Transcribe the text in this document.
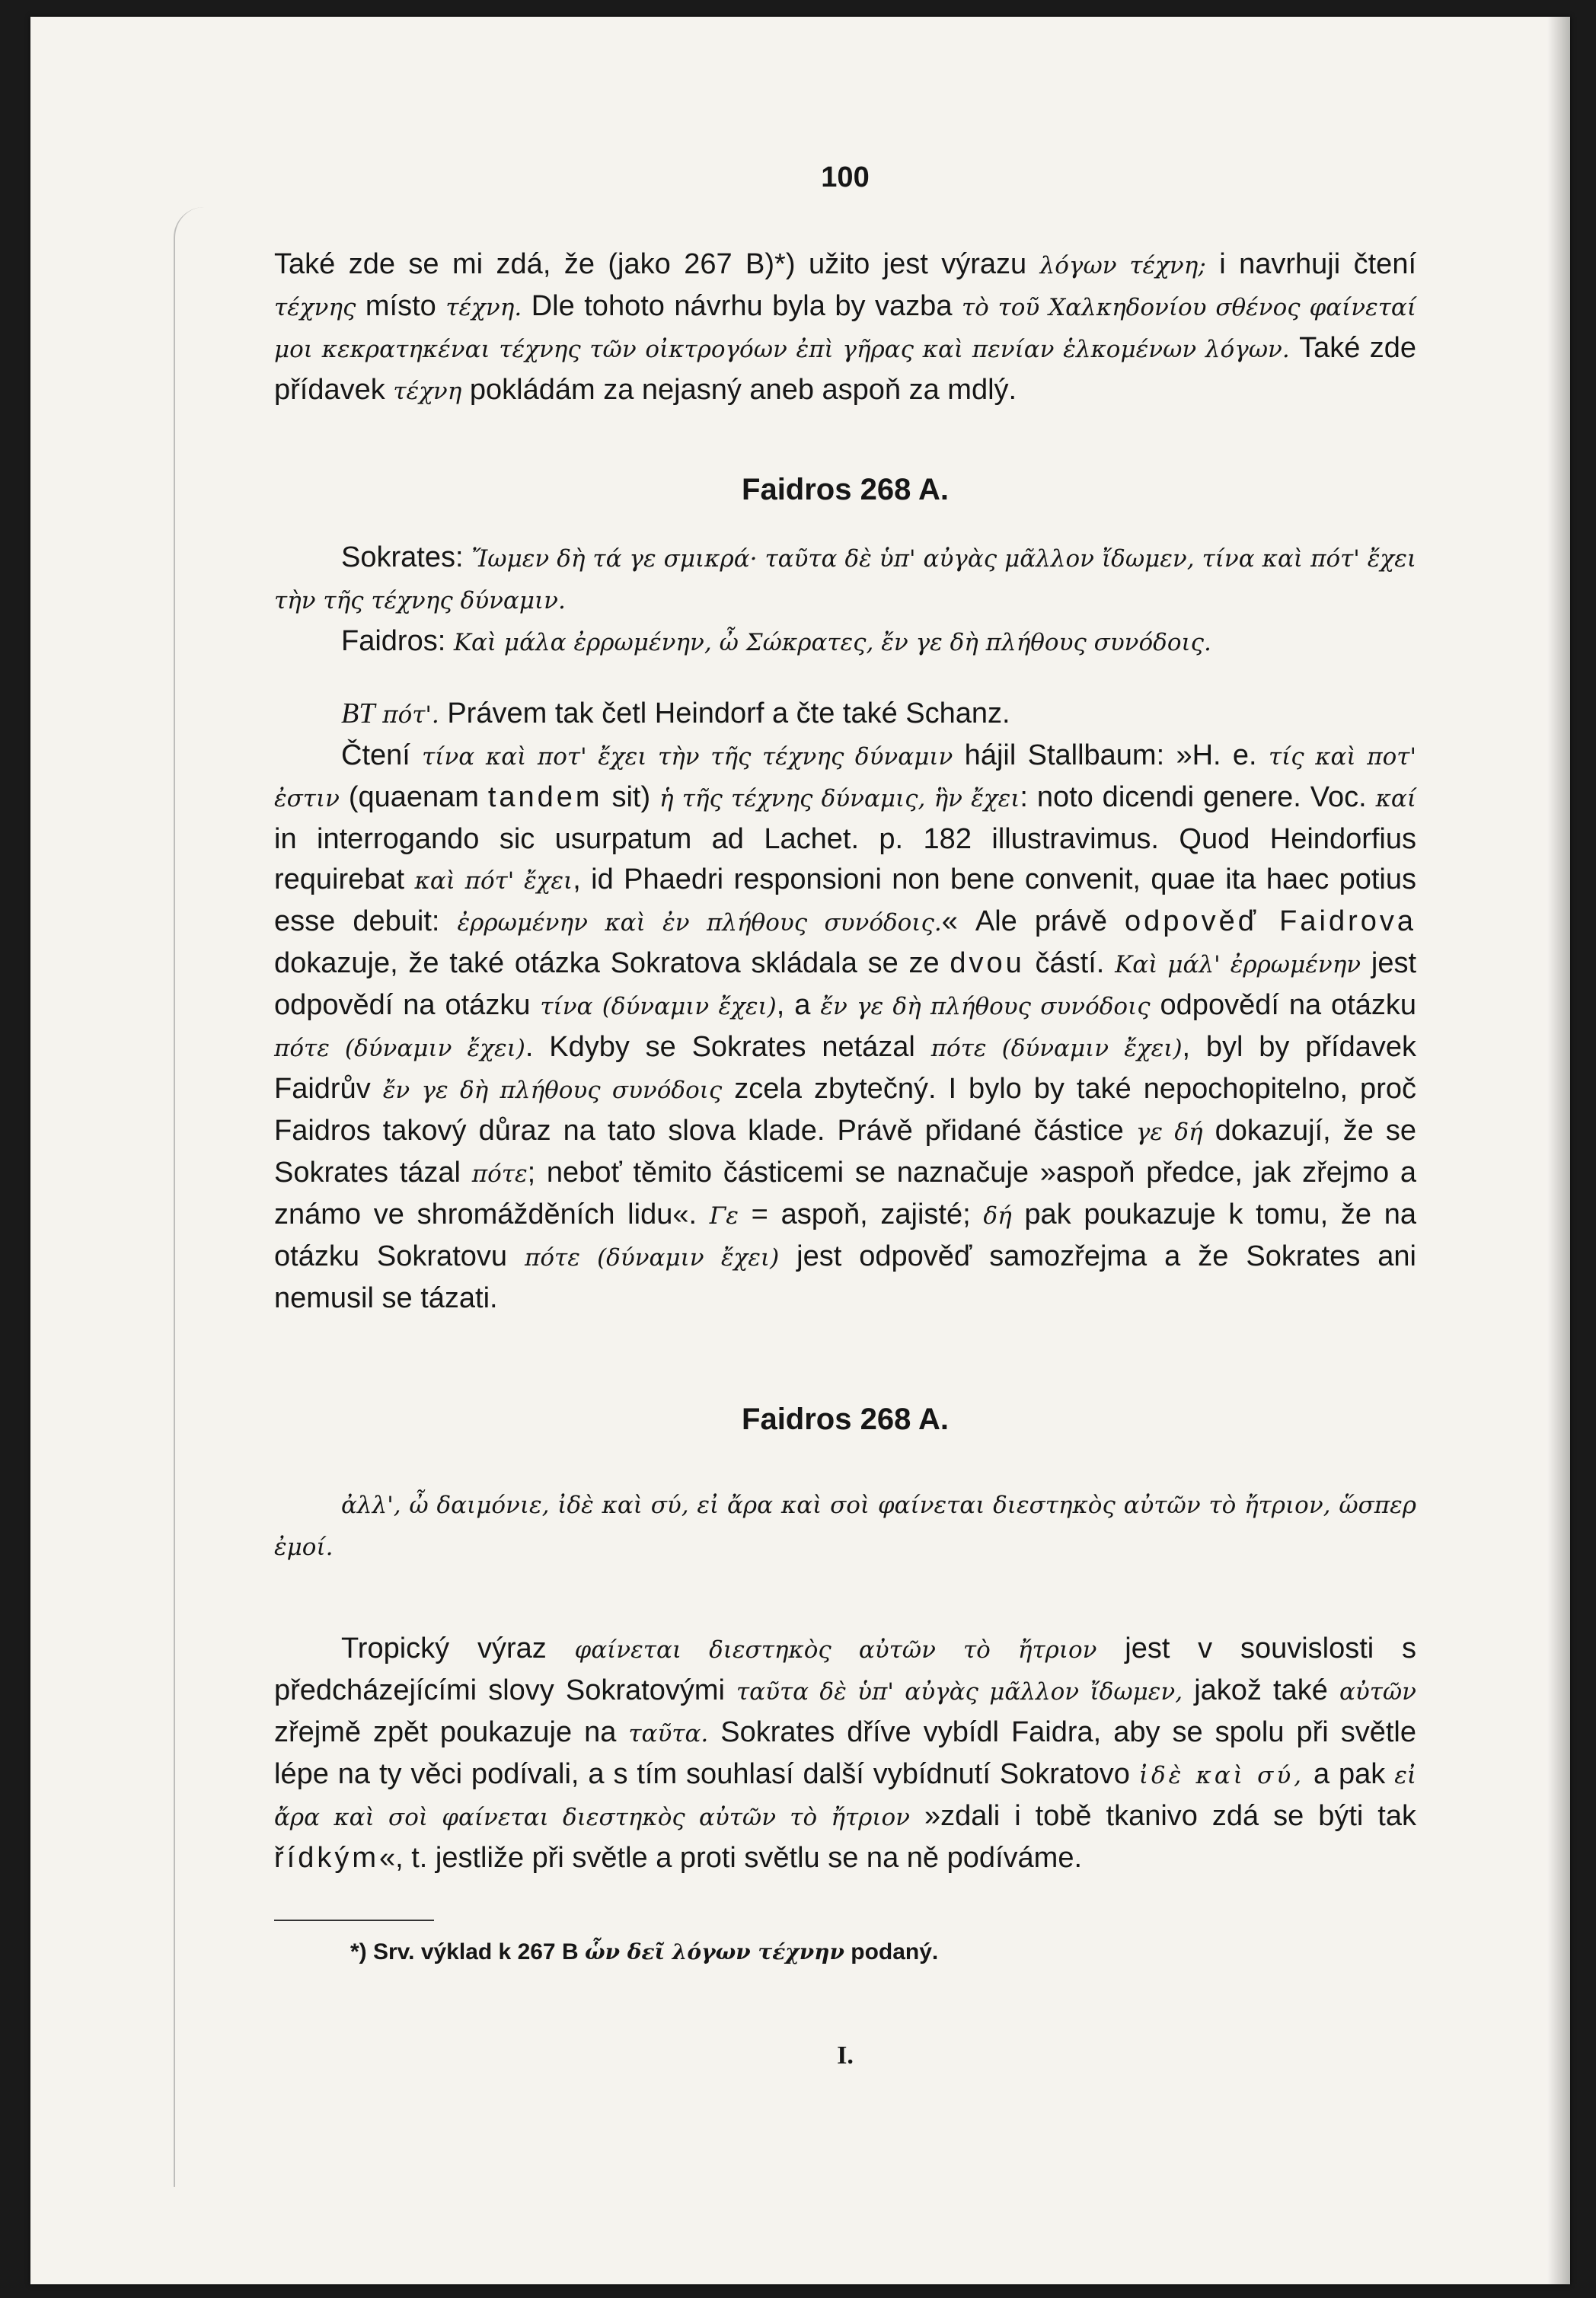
100

Také zde se mi zdá, že (jako 267 B)*) užito jest výrazu λόγων τέχνη; i navrhuji čtení τέχνης místo τέχνη. Dle tohoto návrhu byla by vazba τὸ τοῦ Χαλκηδονίου σθένος φαίνεταί μοι κεκρατηκέναι τέχνης τῶν οἰκτρογόων ἐπὶ γῆρας καὶ πενίαν ἑλκομένων λόγων. Také zde přídavek τέχνη pokládám za nejasný aneb aspoň za mdlý.

Faidros 268 A.

Sokrates: Ἴωμεν δὴ τά γε σμικρά· ταῦτα δὲ ὑπ' αὐγὰς μᾶλλον ἴδωμεν, τίνα καὶ πότ' ἔχει τὴν τῆς τέχνης δύναμιν.

Faidros: Καὶ μάλα ἐρρωμένην, ὦ Σώκρατες, ἔν γε δὴ πλήθους συνόδοις.

BT πότ'. Právem tak četl Heindorf a čte také Schanz.

Čtení τίνα καὶ ποτ' ἔχει τὴν τῆς τέχνης δύναμιν hájil Stallbaum: »H. e. τίς καὶ ποτ' ἐστιν (quaenam tandem sit) ἡ τῆς τέχνης δύναμις, ἣν ἔχει: noto dicendi genere. Voc. καί in interrogando sic usurpatum ad Lachet. p. 182 illustravimus. Quod Heindorfius requirebat καὶ πότ' ἔχει, id Phaedri responsioni non bene convenit, quae ita haec potius esse debuit: ἐρρωμένην καὶ ἐν πλήθους συνόδοις.« Ale právě odpověď Faidrova dokazuje, že také otázka Sokratova skládala se ze dvou částí. Καὶ μάλ' ἐρρωμένην jest odpovědí na otázku τίνα (δύναμιν ἔχει), a ἔν γε δὴ πλήθους συνόδοις odpovědí na otázku πότε (δύναμιν ἔχει). Kdyby se Sokrates netázal πότε (δύναμιν ἔχει), byl by přídavek Faidrův ἔν γε δὴ πλήθους συνόδοις zcela zbytečný. I bylo by také nepochopitelno, proč Faidros takový důraz na tato slova klade. Právě přidané částice γε δή dokazují, že se Sokrates tázal πότε; neboť těmito částicemi se naznačuje »aspoň předce, jak zřejmo a známo ve shromážděních lidu«. Γε = aspoň, zajisté; δή pak poukazuje k tomu, že na otázku Sokratovu πότε (δύναμιν ἔχει) jest odpověď samozřejma a že Sokrates ani nemusil se tázati.

Faidros 268 A.

ἀλλ', ὦ δαιμόνιε, ἰδὲ καὶ σύ, εἰ ἄρα καὶ σοὶ φαίνεται διεστηκὸς αὐτῶν τὸ ἤτριον, ὥσπερ ἐμοί.

Tropický výraz φαίνεται διεστηκὸς αὐτῶν τὸ ἤτριον jest v souvislosti s předcházejícími slovy Sokratovými ταῦτα δὲ ὑπ' αὐγὰς μᾶλλον ἴδωμεν, jakož také αὐτῶν zřejmě zpět poukazuje na ταῦτα. Sokrates dříve vybídl Faidra, aby se spolu při světle lépe na ty věci podívali, a s tím souhlasí další vybídnutí Sokratovo ἰδὲ καὶ σύ, a pak εἰ ἄρα καὶ σοὶ φαίνεται διεστηκὸς αὐτῶν τὸ ἤτριον »zdali i tobě tkanivo zdá se býti tak řídkým«, t. jestliže při světle a proti světlu se na ně podíváme.

*) Srv. výklad k 267 B ὧν δεῖ λόγων τέχνην podaný.
I.
